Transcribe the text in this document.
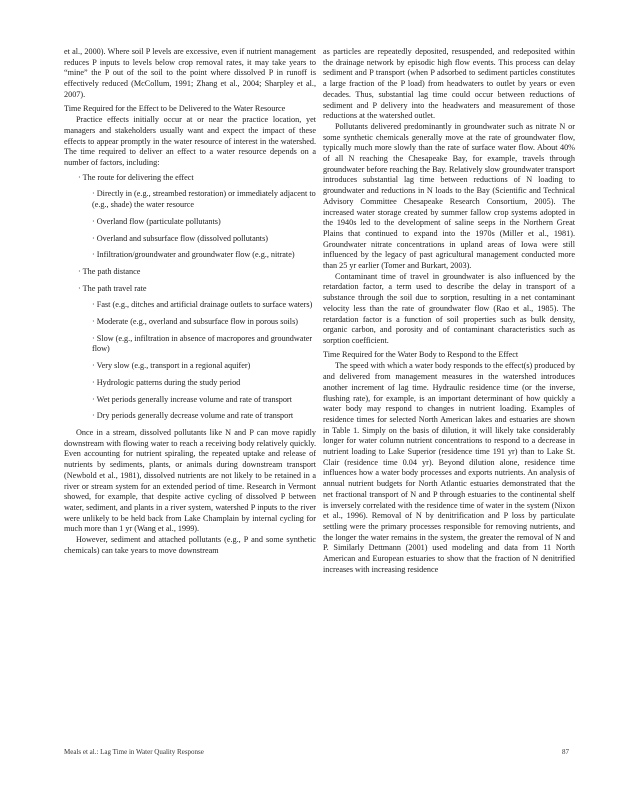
et al., 2000). Where soil P levels are excessive, even if nutrient management reduces P inputs to levels below crop removal rates, it may take years to “mine” the P out of the soil to the point where dissolved P in runoff is effectively reduced (McCollum, 1991; Zhang et al., 2004; Sharpley et al., 2007).

Time Required for the Effect to be Delivered to the Water Resource

Practice effects initially occur at or near the practice location, yet managers and stakeholders usually want and expect the impact of these effects to appear promptly in the water resource of interest in the watershed. The time required to deliver an effect to a water resource depends on a number of factors, including:

· The route for delivering the effect

· Directly in (e.g., streambed restoration) or immediately adjacent to (e.g., shade) the water resource

· Overland flow (particulate pollutants)

· Overland and subsurface flow (dissolved pollutants)

· Infiltration/groundwater and groundwater flow (e.g., nitrate)

· The path distance

· The path travel rate

· Fast (e.g., ditches and artificial drainage outlets to surface waters)

· Moderate (e.g., overland and subsurface flow in porous soils)

· Slow (e.g., infiltration in absence of macropores and groundwater flow)

· Very slow (e.g., transport in a regional aquifer)

· Hydrologic patterns during the study period

· Wet periods generally increase volume and rate of transport

· Dry periods generally decrease volume and rate of transport

Once in a stream, dissolved pollutants like N and P can move rapidly downstream with flowing water to reach a receiving body relatively quickly. Even accounting for nutrient spiraling, the repeated uptake and release of nutrients by sediments, plants, or animals during downstream transport (Newbold et al., 1981), dissolved nutrients are not likely to be retained in a river or stream system for an extended period of time. Research in Vermont showed, for example, that despite active cycling of dissolved P between water, sediment, and plants in a river system, watershed P inputs to the river were unlikely to be held back from Lake Champlain by internal cycling for much more than 1 yr (Wang et al., 1999).

However, sediment and attached pollutants (e.g., P and some synthetic chemicals) can take years to move downstream

as particles are repeatedly deposited, resuspended, and redeposited within the drainage network by episodic high flow events. This process can delay sediment and P transport (when P adsorbed to sediment particles constitutes a large fraction of the P load) from headwaters to outlet by years or even decades. Thus, substantial lag time could occur between reductions of sediment and P delivery into the headwaters and measurement of those reductions at the watershed outlet.

Pollutants delivered predominantly in groundwater such as nitrate N or some synthetic chemicals generally move at the rate of groundwater flow, typically much more slowly than the rate of surface water flow. About 40% of all N reaching the Chesapeake Bay, for example, travels through groundwater before reaching the Bay. Relatively slow groundwater transport introduces substantial lag time between reductions of N loading to groundwater and reductions in N loads to the Bay (Scientific and Technical Advisory Committee Chesapeake Research Consortium, 2005). The increased water storage created by summer fallow crop systems adopted in the 1940s led to the development of saline seeps in the Northern Great Plains that continued to expand into the 1970s (Miller et al., 1981). Groundwater nitrate concentrations in upland areas of Iowa were still influenced by the legacy of past agricultural management conducted more than 25 yr earlier (Tomer and Burkart, 2003).

Contaminant time of travel in groundwater is also influenced by the retardation factor, a term used to describe the delay in transport of a substance through the soil due to sorption, resulting in a net contaminant velocity less than the rate of groundwater flow (Rao et al., 1985). The retardation factor is a function of soil properties such as bulk density, organic carbon, and porosity and of contaminant characteristics such as sorption coefficient.

Time Required for the Water Body to Respond to the Effect

The speed with which a water body responds to the effect(s) produced by and delivered from management measures in the watershed introduces another increment of lag time. Hydraulic residence time (or the inverse, flushing rate), for example, is an important determinant of how quickly a water body may respond to changes in nutrient loading. Examples of residence times for selected North American lakes and estuaries are shown in Table 1. Simply on the basis of dilution, it will likely take considerably longer for water column nutrient concentrations to respond to a decrease in nutrient loading to Lake Superior (residence time 191 yr) than to Lake St. Clair (residence time 0.04 yr). Beyond dilution alone, residence time influences how a water body processes and exports nutrients. An analysis of annual nutrient budgets for North Atlantic estuaries demonstrated that the net fractional transport of N and P through estuaries to the continental shelf is inversely correlated with the residence time of water in the system (Nixon et al., 1996). Removal of N by denitrification and P loss by particulate settling were the primary processes responsible for removing nutrients, and the longer the water remains in the system, the greater the removal of N and P. Similarly Dettmann (2001) used modeling and data from 11 North American and European estuaries to show that the fraction of N denitrified increases with increasing residence

Meals et al.: Lag Time in Water Quality Response	87
